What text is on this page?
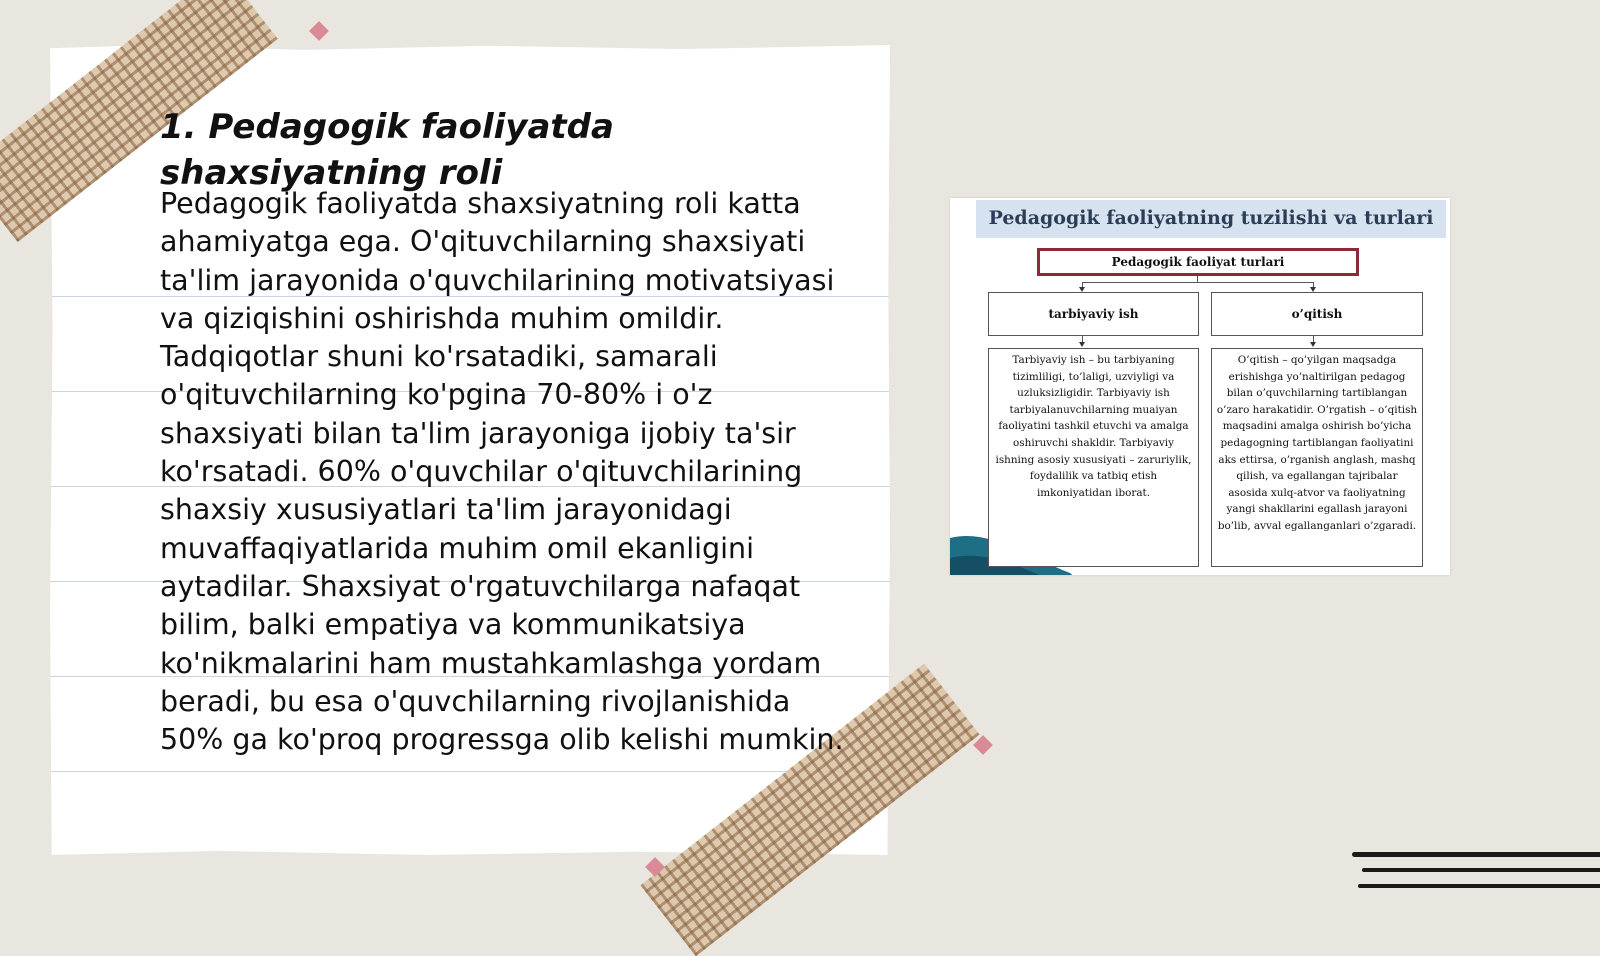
1. Pedagogik faoliyatda shaxsiyatning roli

Pedagogik faoliyatda shaxsiyatning roli katta ahamiyatga ega. O'qituvchilarning shaxsiyati ta'lim jarayonida o'quvchilarining motivatsiyasi va qiziqishini oshirishda muhim omildir. Tadqiqotlar shuni ko'rsatadiki, samarali o'qituvchilarning ko'pgina 70-80% i o'z shaxsiyati bilan ta'lim jarayoniga ijobiy ta'sir ko'rsatadi. 60% o'quvchilar o'qituvchilarining shaxsiy xususiyatlari ta'lim jarayonidagi muvaffaqiyatlarida muhim omil ekanligini aytadilar. Shaxsiyat o'rgatuvchilarga nafaqat bilim, balki empatiya va kommunikatsiya ko'nikmalarini ham mustahkamlashga yordam beradi, bu esa o'quvchilarning rivojlanishida 50% ga ko'proq progressga olib kelishi mumkin.

Pedagogik faoliyatning tuzilishi va turlari
Pedagogik faoliyat turlari
tarbiyaviy ish	o’qitish

Tarbiyaviy ish – bu tarbiyaning tizimliligi, to’laligi, uzviyligi va uzluksizligidir. Tarbiyaviy ish tarbiyalanuvchilarning muaiyan faoliyatini tashkil etuvchi va amalga oshiruvchi shakldir. Tarbiyaviy ishning asosiy xususiyati – zaruriylik, foydalilik va tatbiq etish imkoniyatidan iborat.

O’qitish – qo’yilgan maqsadga erishishga yo’naltirilgan pedagog bilan o’quvchilarning tartiblangan o’zaro harakatidir. O’rgatish – o’qitish maqsadini amalga oshirish bo’yicha pedagogning tartiblangan faoliyatini aks ettirsa, o’rganish anglash, mashq qilish, va egallangan tajribalar asosida xulq-atvor va faoliyatning yangi shakllarini egallash jarayoni bo’lib, avval egallanganlari o’zgaradi.
